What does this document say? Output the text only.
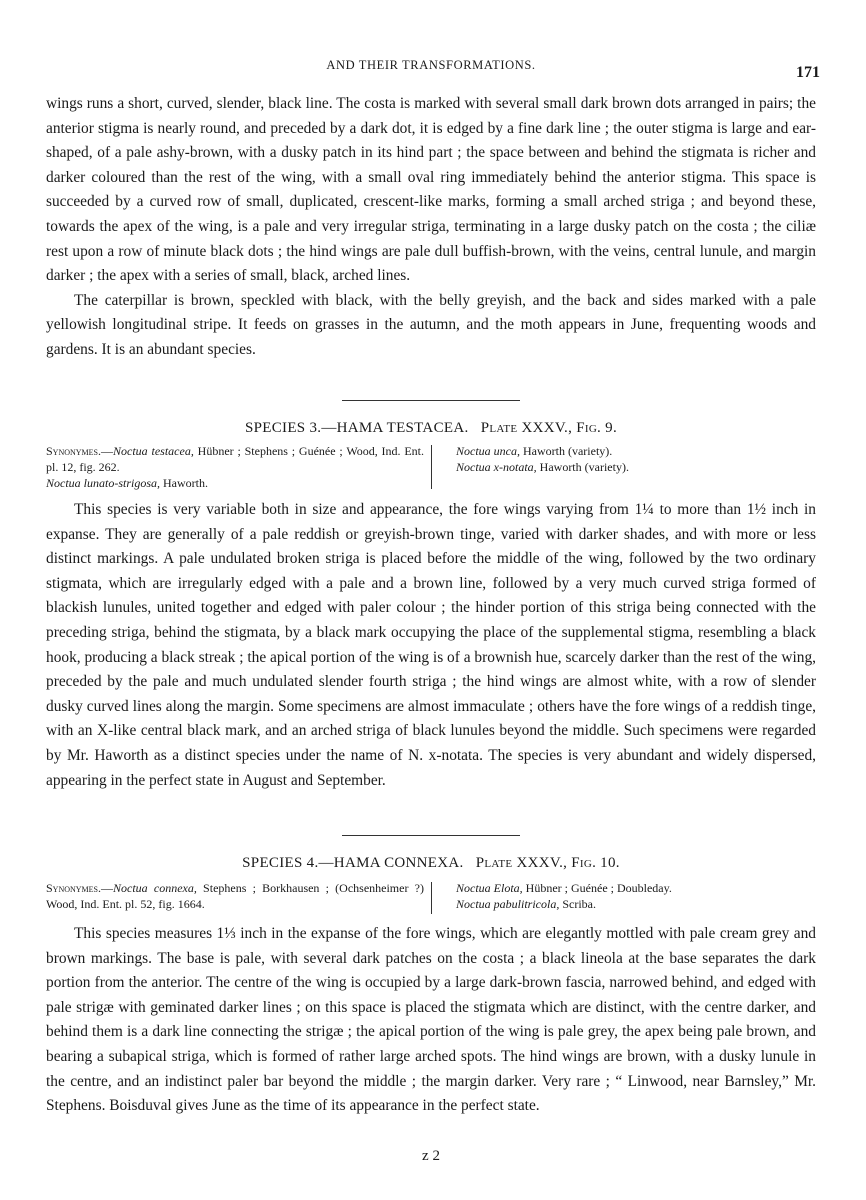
AND THEIR TRANSFORMATIONS.	171

wings runs a short, curved, slender, black line. The costa is marked with several small dark brown dots arranged in pairs; the anterior stigma is nearly round, and preceded by a dark dot, it is edged by a fine dark line ; the outer stigma is large and ear-shaped, of a pale ashy-brown, with a dusky patch in its hind part ; the space between and behind the stigmata is richer and darker coloured than the rest of the wing, with a small oval ring immediately behind the anterior stigma. This space is succeeded by a curved row of small, duplicated, crescent-like marks, forming a small arched striga ; and beyond these, towards the apex of the wing, is a pale and very irregular striga, terminating in a large dusky patch on the costa ; the ciliæ rest upon a row of minute black dots ; the hind wings are pale dull buffish-brown, with the veins, central lunule, and margin darker ; the apex with a series of small, black, arched lines.

The caterpillar is brown, speckled with black, with the belly greyish, and the back and sides marked with a pale yellowish longitudinal stripe. It feeds on grasses in the autumn, and the moth appears in June, frequenting woods and gardens. It is an abundant species.

SPECIES 3.—HAMA TESTACEA. Plate XXXV., Fig. 9.
Synonymes.—Noctua testacea, Hübner ; Stephens ; Guénée ; Wood, Ind. Ent. pl. 12, fig. 262.
Noctua lunato-strigosa, Haworth.
Noctua unca, Haworth (variety).
Noctua x-notata, Haworth (variety).

This species is very variable both in size and appearance, the fore wings varying from 1¼ to more than 1½ inch in expanse. They are generally of a pale reddish or greyish-brown tinge, varied with darker shades, and with more or less distinct markings. A pale undulated broken striga is placed before the middle of the wing, followed by the two ordinary stigmata, which are irregularly edged with a pale and a brown line, followed by a very much curved striga formed of blackish lunules, united together and edged with paler colour ; the hinder portion of this striga being connected with the preceding striga, behind the stigmata, by a black mark occupying the place of the supplemental stigma, resembling a black hook, producing a black streak ; the apical portion of the wing is of a brownish hue, scarcely darker than the rest of the wing, preceded by the pale and much undulated slender fourth striga ; the hind wings are almost white, with a row of slender dusky curved lines along the margin. Some specimens are almost immaculate ; others have the fore wings of a reddish tinge, with an X-like central black mark, and an arched striga of black lunules beyond the middle. Such specimens were regarded by Mr. Haworth as a distinct species under the name of N. x-notata. The species is very abundant and widely dispersed, appearing in the perfect state in August and September.

SPECIES 4.—HAMA CONNEXA. Plate XXXV., Fig. 10.
Synonymes.—Noctua connexa, Stephens ; Borkhausen ; (Ochsenheimer ?) Wood, Ind. Ent. pl. 52, fig. 1664.
Noctua Elota, Hübner ; Guénée ; Doubleday.
Noctua pabulitricola, Scriba.

This species measures 1⅓ inch in the expanse of the fore wings, which are elegantly mottled with pale cream grey and brown markings. The base is pale, with several dark patches on the costa ; a black lineola at the base separates the dark portion from the anterior. The centre of the wing is occupied by a large dark-brown fascia, narrowed behind, and edged with pale strigæ with geminated darker lines ; on this space is placed the stigmata which are distinct, with the centre darker, and behind them is a dark line connecting the strigæ ; the apical portion of the wing is pale grey, the apex being pale brown, and bearing a subapical striga, which is formed of rather large arched spots. The hind wings are brown, with a dusky lunule in the centre, and an indistinct paler bar beyond the middle ; the margin darker. Very rare ; “ Linwood, near Barnsley,” Mr. Stephens. Boisduval gives June as the time of its appearance in the perfect state.

z 2
